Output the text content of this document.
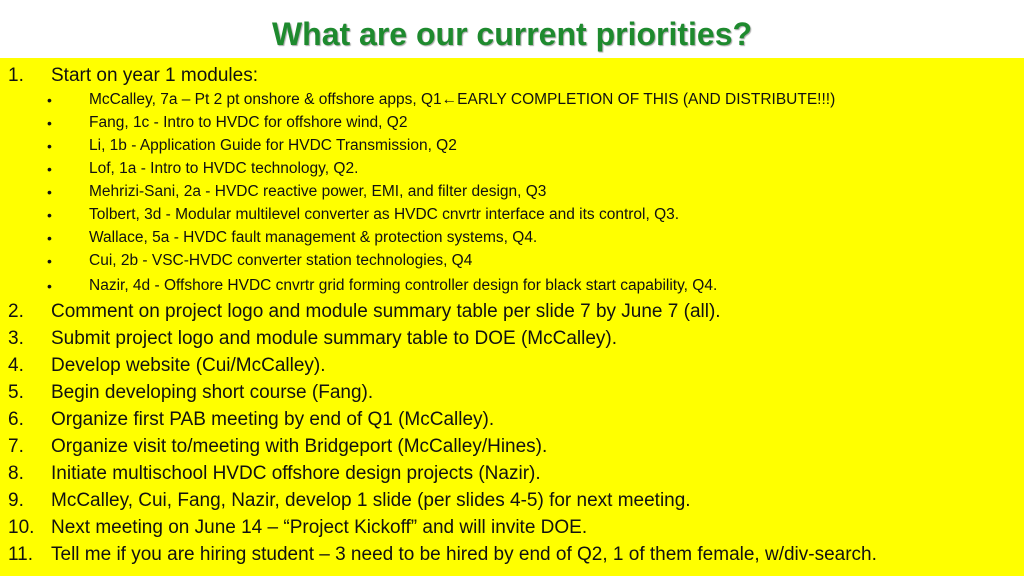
What are our current priorities?
1. Start on year 1 modules:
• McCalley, 7a – Pt 2 pt onshore & offshore apps, Q1←EARLY COMPLETION OF THIS (AND DISTRIBUTE!!!)
• Fang, 1c - Intro to HVDC for offshore wind, Q2
• Li, 1b - Application Guide for HVDC Transmission, Q2
• Lof, 1a - Intro to HVDC technology, Q2.
• Mehrizi-Sani, 2a - HVDC reactive power, EMI, and filter design, Q3
• Tolbert, 3d - Modular multilevel converter as HVDC cnvrtr interface and its control, Q3.
• Wallace, 5a - HVDC fault management & protection systems, Q4.
• Cui, 2b - VSC-HVDC converter station technologies, Q4
• Nazir, 4d - Offshore HVDC cnvrtr grid forming controller design for black start capability, Q4.
2. Comment on project logo and module summary table per slide 7 by June 7 (all).
3. Submit project logo and module summary table to DOE (McCalley).
4. Develop website (Cui/McCalley).
5. Begin developing short course (Fang).
6. Organize first PAB meeting by end of Q1 (McCalley).
7. Organize visit to/meeting with Bridgeport (McCalley/Hines).
8. Initiate multischool HVDC offshore design projects (Nazir).
9. McCalley, Cui, Fang, Nazir, develop 1 slide (per slides 4-5) for next meeting.
10. Next meeting on June 14 – “Project Kickoff” and will invite DOE.
11. Tell me if you are hiring student – 3 need to be hired by end of Q2, 1 of them female, w/div-search.
